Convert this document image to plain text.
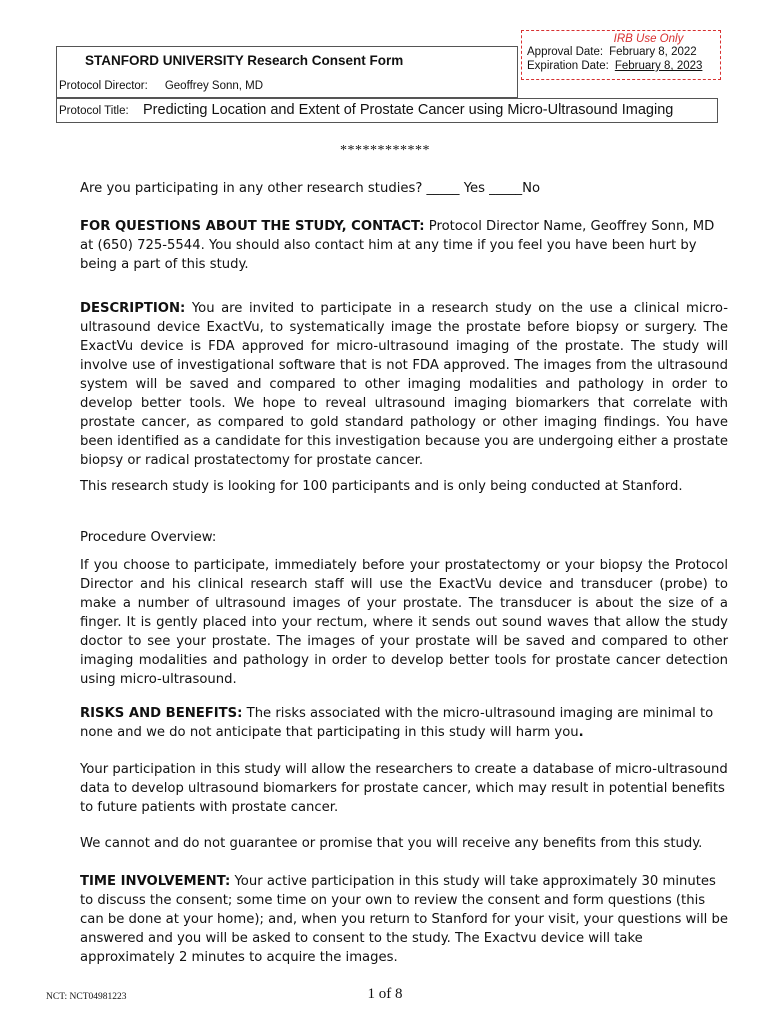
STANFORD UNIVERSITY Research Consent Form
Protocol Director: Geoffrey Sonn, MD
IRB Use Only
Approval Date: February 8, 2022
Expiration Date: February 8, 2023
Protocol Title: Predicting Location and Extent of Prostate Cancer using Micro-Ultrasound Imaging
************
Are you participating in any other research studies? _____ Yes _____No
FOR QUESTIONS ABOUT THE STUDY, CONTACT: Protocol Director Name, Geoffrey Sonn, MD at (650) 725-5544. You should also contact him at any time if you feel you have been hurt by being a part of this study.
DESCRIPTION: You are invited to participate in a research study on the use a clinical micro-ultrasound device ExactVu, to systematically image the prostate before biopsy or surgery. The ExactVu device is FDA approved for micro-ultrasound imaging of the prostate. The study will involve use of investigational software that is not FDA approved. The images from the ultrasound system will be saved and compared to other imaging modalities and pathology in order to develop better tools. We hope to reveal ultrasound imaging biomarkers that correlate with prostate cancer, as compared to gold standard pathology or other imaging findings. You have been identified as a candidate for this investigation because you are undergoing either a prostate biopsy or radical prostatectomy for prostate cancer.
This research study is looking for 100 participants and is only being conducted at Stanford.
Procedure Overview:
If you choose to participate, immediately before your prostatectomy or your biopsy the Protocol Director and his clinical research staff will use the ExactVu device and transducer (probe) to make a number of ultrasound images of your prostate. The transducer is about the size of a finger. It is gently placed into your rectum, where it sends out sound waves that allow the study doctor to see your prostate. The images of your prostate will be saved and compared to other imaging modalities and pathology in order to develop better tools for prostate cancer detection using micro-ultrasound.
RISKS AND BENEFITS: The risks associated with the micro-ultrasound imaging are minimal to none and we do not anticipate that participating in this study will harm you.
Your participation in this study will allow the researchers to create a database of micro-ultrasound data to develop ultrasound biomarkers for prostate cancer, which may result in potential benefits to future patients with prostate cancer.
We cannot and do not guarantee or promise that you will receive any benefits from this study.
TIME INVOLVEMENT: Your active participation in this study will take approximately 30 minutes to discuss the consent; some time on your own to review the consent and form questions (this can be done at your home); and, when you return to Stanford for your visit, your questions will be answered and you will be asked to consent to the study. The Exactvu device will take approximately 2 minutes to acquire the images.
NCT: NCT04981223	1 of 8
